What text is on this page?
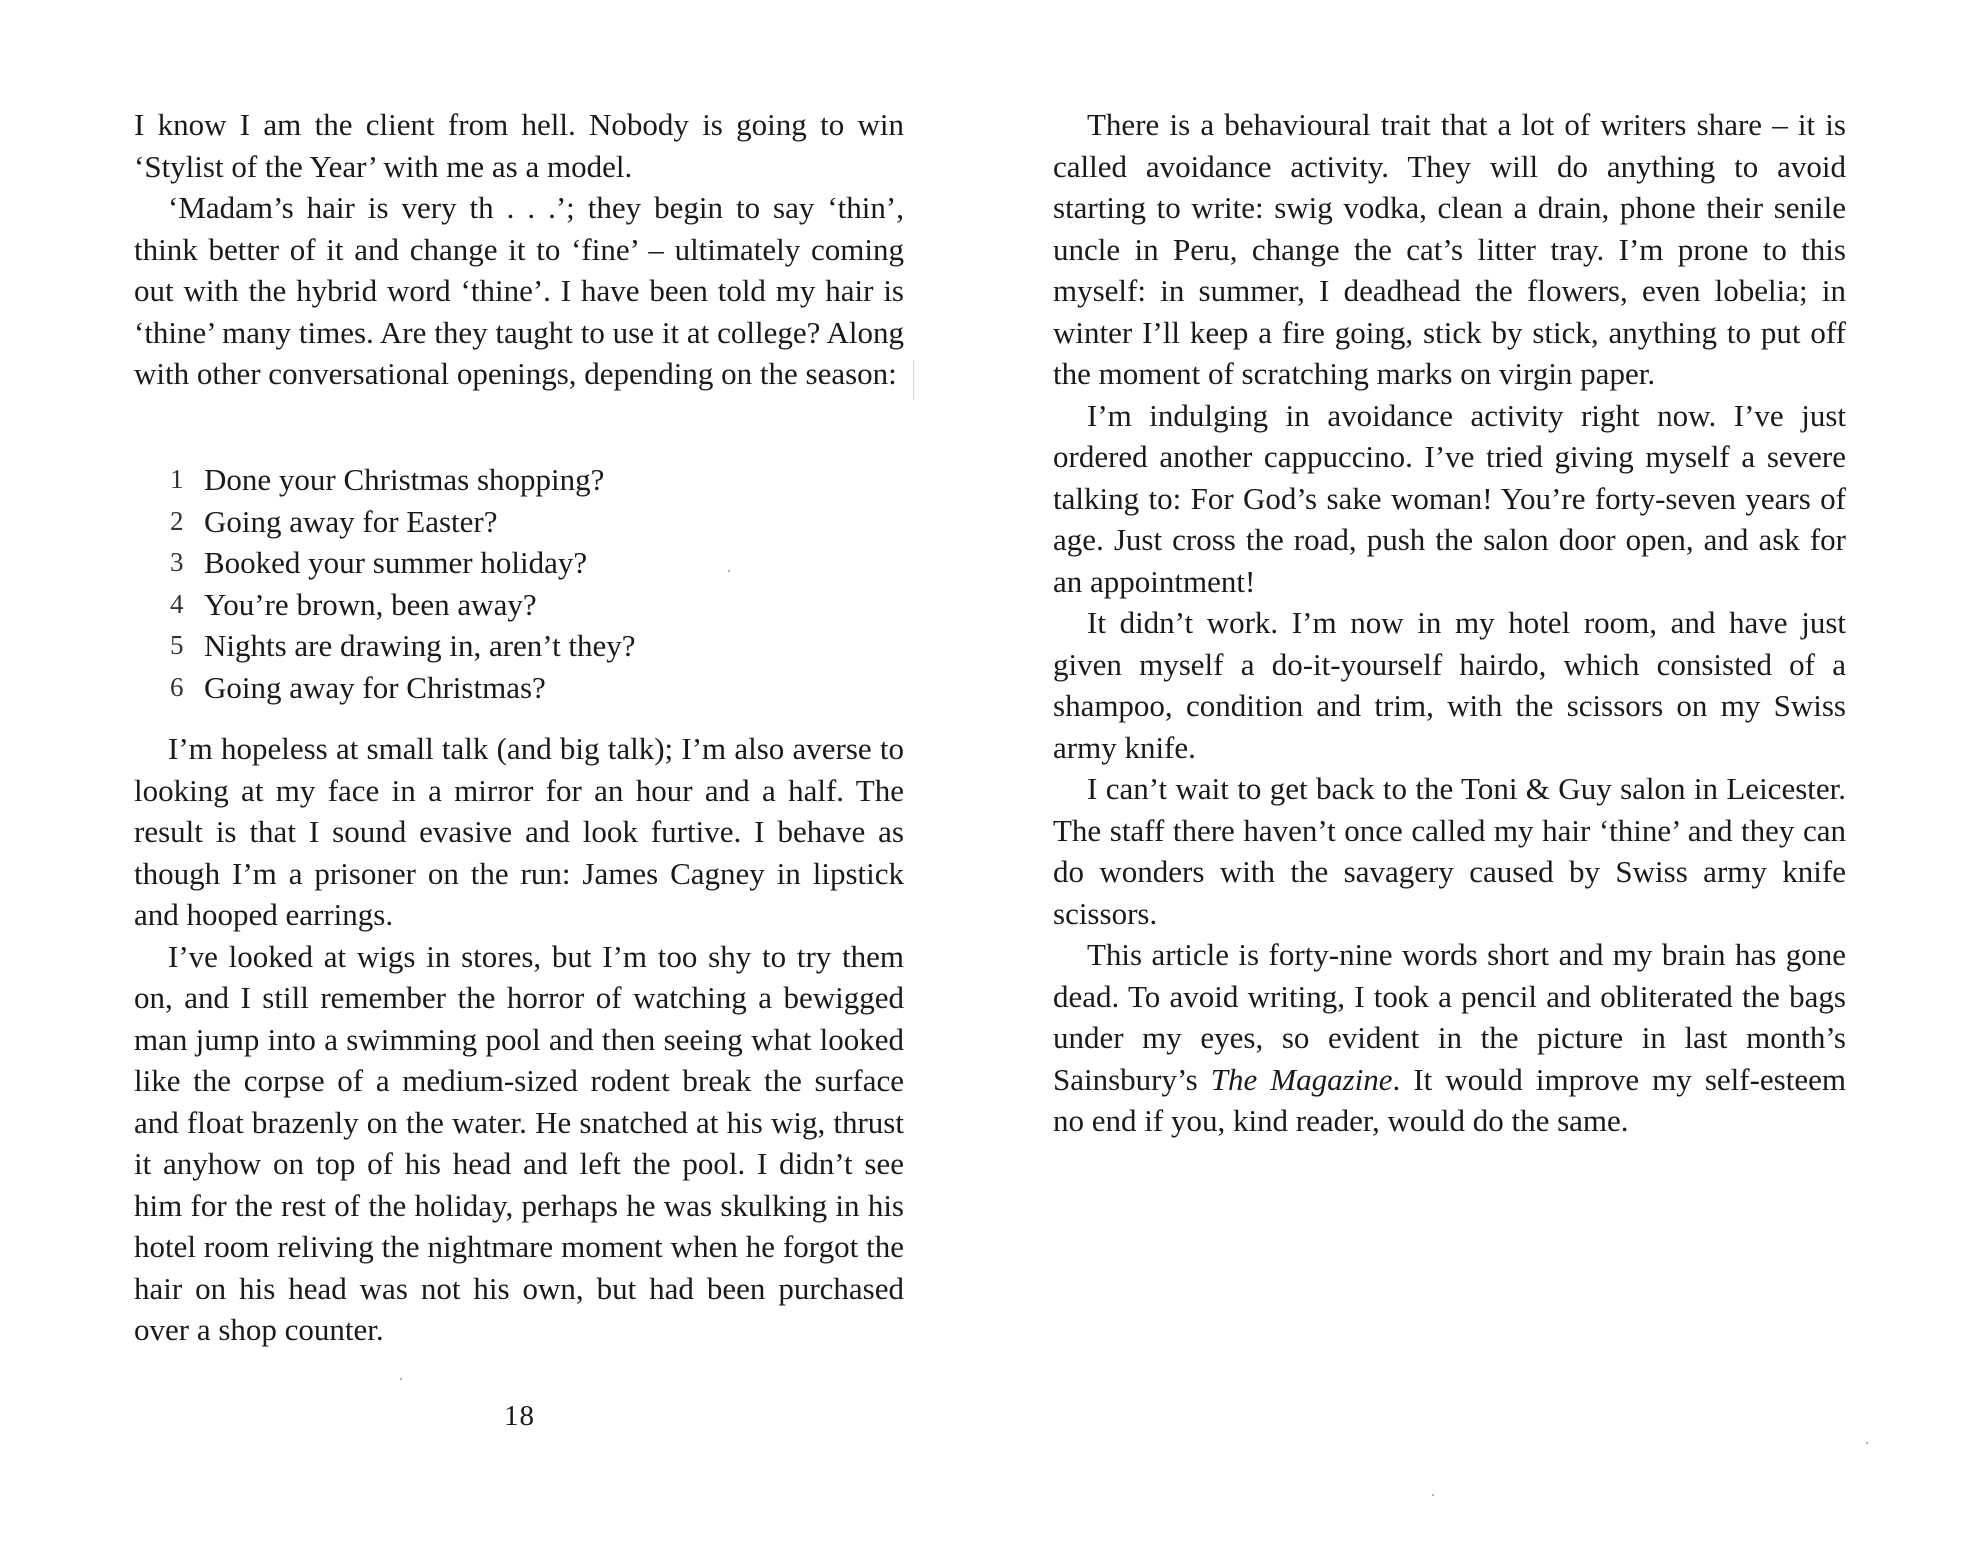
I know I am the client from hell. Nobody is going to win ‘Stylist of the Year’ with me as a model.

‘Madam’s hair is very th . . .’; they begin to say ‘thin’, think better of it and change it to ‘fine’ – ultimately coming out with the hybrid word ‘thine’. I have been told my hair is ‘thine’ many times. Are they taught to use it at college? Along with other conversational openings, depending on the season:

1 Done your Christmas shopping?
2 Going away for Easter?
3 Booked your summer holiday?
4 You’re brown, been away?
5 Nights are drawing in, aren’t they?
6 Going away for Christmas?

I’m hopeless at small talk (and big talk); I’m also averse to looking at my face in a mirror for an hour and a half. The result is that I sound evasive and look furtive. I behave as though I’m a prisoner on the run: James Cagney in lipstick and hooped earrings.

I’ve looked at wigs in stores, but I’m too shy to try them on, and I still remember the horror of watching a bewigged man jump into a swimming pool and then seeing what looked like the corpse of a medium-sized rodent break the surface and float brazenly on the water. He snatched at his wig, thrust it anyhow on top of his head and left the pool. I didn’t see him for the rest of the holiday, perhaps he was skulking in his hotel room reliving the nightmare moment when he forgot the hair on his head was not his own, but had been purchased over a shop counter.

18

There is a behavioural trait that a lot of writers share – it is called avoidance activity. They will do anything to avoid starting to write: swig vodka, clean a drain, phone their senile uncle in Peru, change the cat’s litter tray. I’m prone to this myself: in summer, I deadhead the flowers, even lobelia; in winter I’ll keep a fire going, stick by stick, anything to put off the moment of scratching marks on virgin paper.

I’m indulging in avoidance activity right now. I’ve just ordered another cappuccino. I’ve tried giving myself a severe talking to: For God’s sake woman! You’re forty-seven years of age. Just cross the road, push the salon door open, and ask for an appointment!

It didn’t work. I’m now in my hotel room, and have just given myself a do-it-yourself hairdo, which consisted of a shampoo, condition and trim, with the scissors on my Swiss army knife.

I can’t wait to get back to the Toni & Guy salon in Leicester. The staff there haven’t once called my hair ‘thine’ and they can do wonders with the savagery caused by Swiss army knife scissors.

This article is forty-nine words short and my brain has gone dead. To avoid writing, I took a pencil and obliterated the bags under my eyes, so evident in the picture in last month’s Sainsbury’s The Magazine. It would improve my self-esteem no end if you, kind reader, would do the same.
